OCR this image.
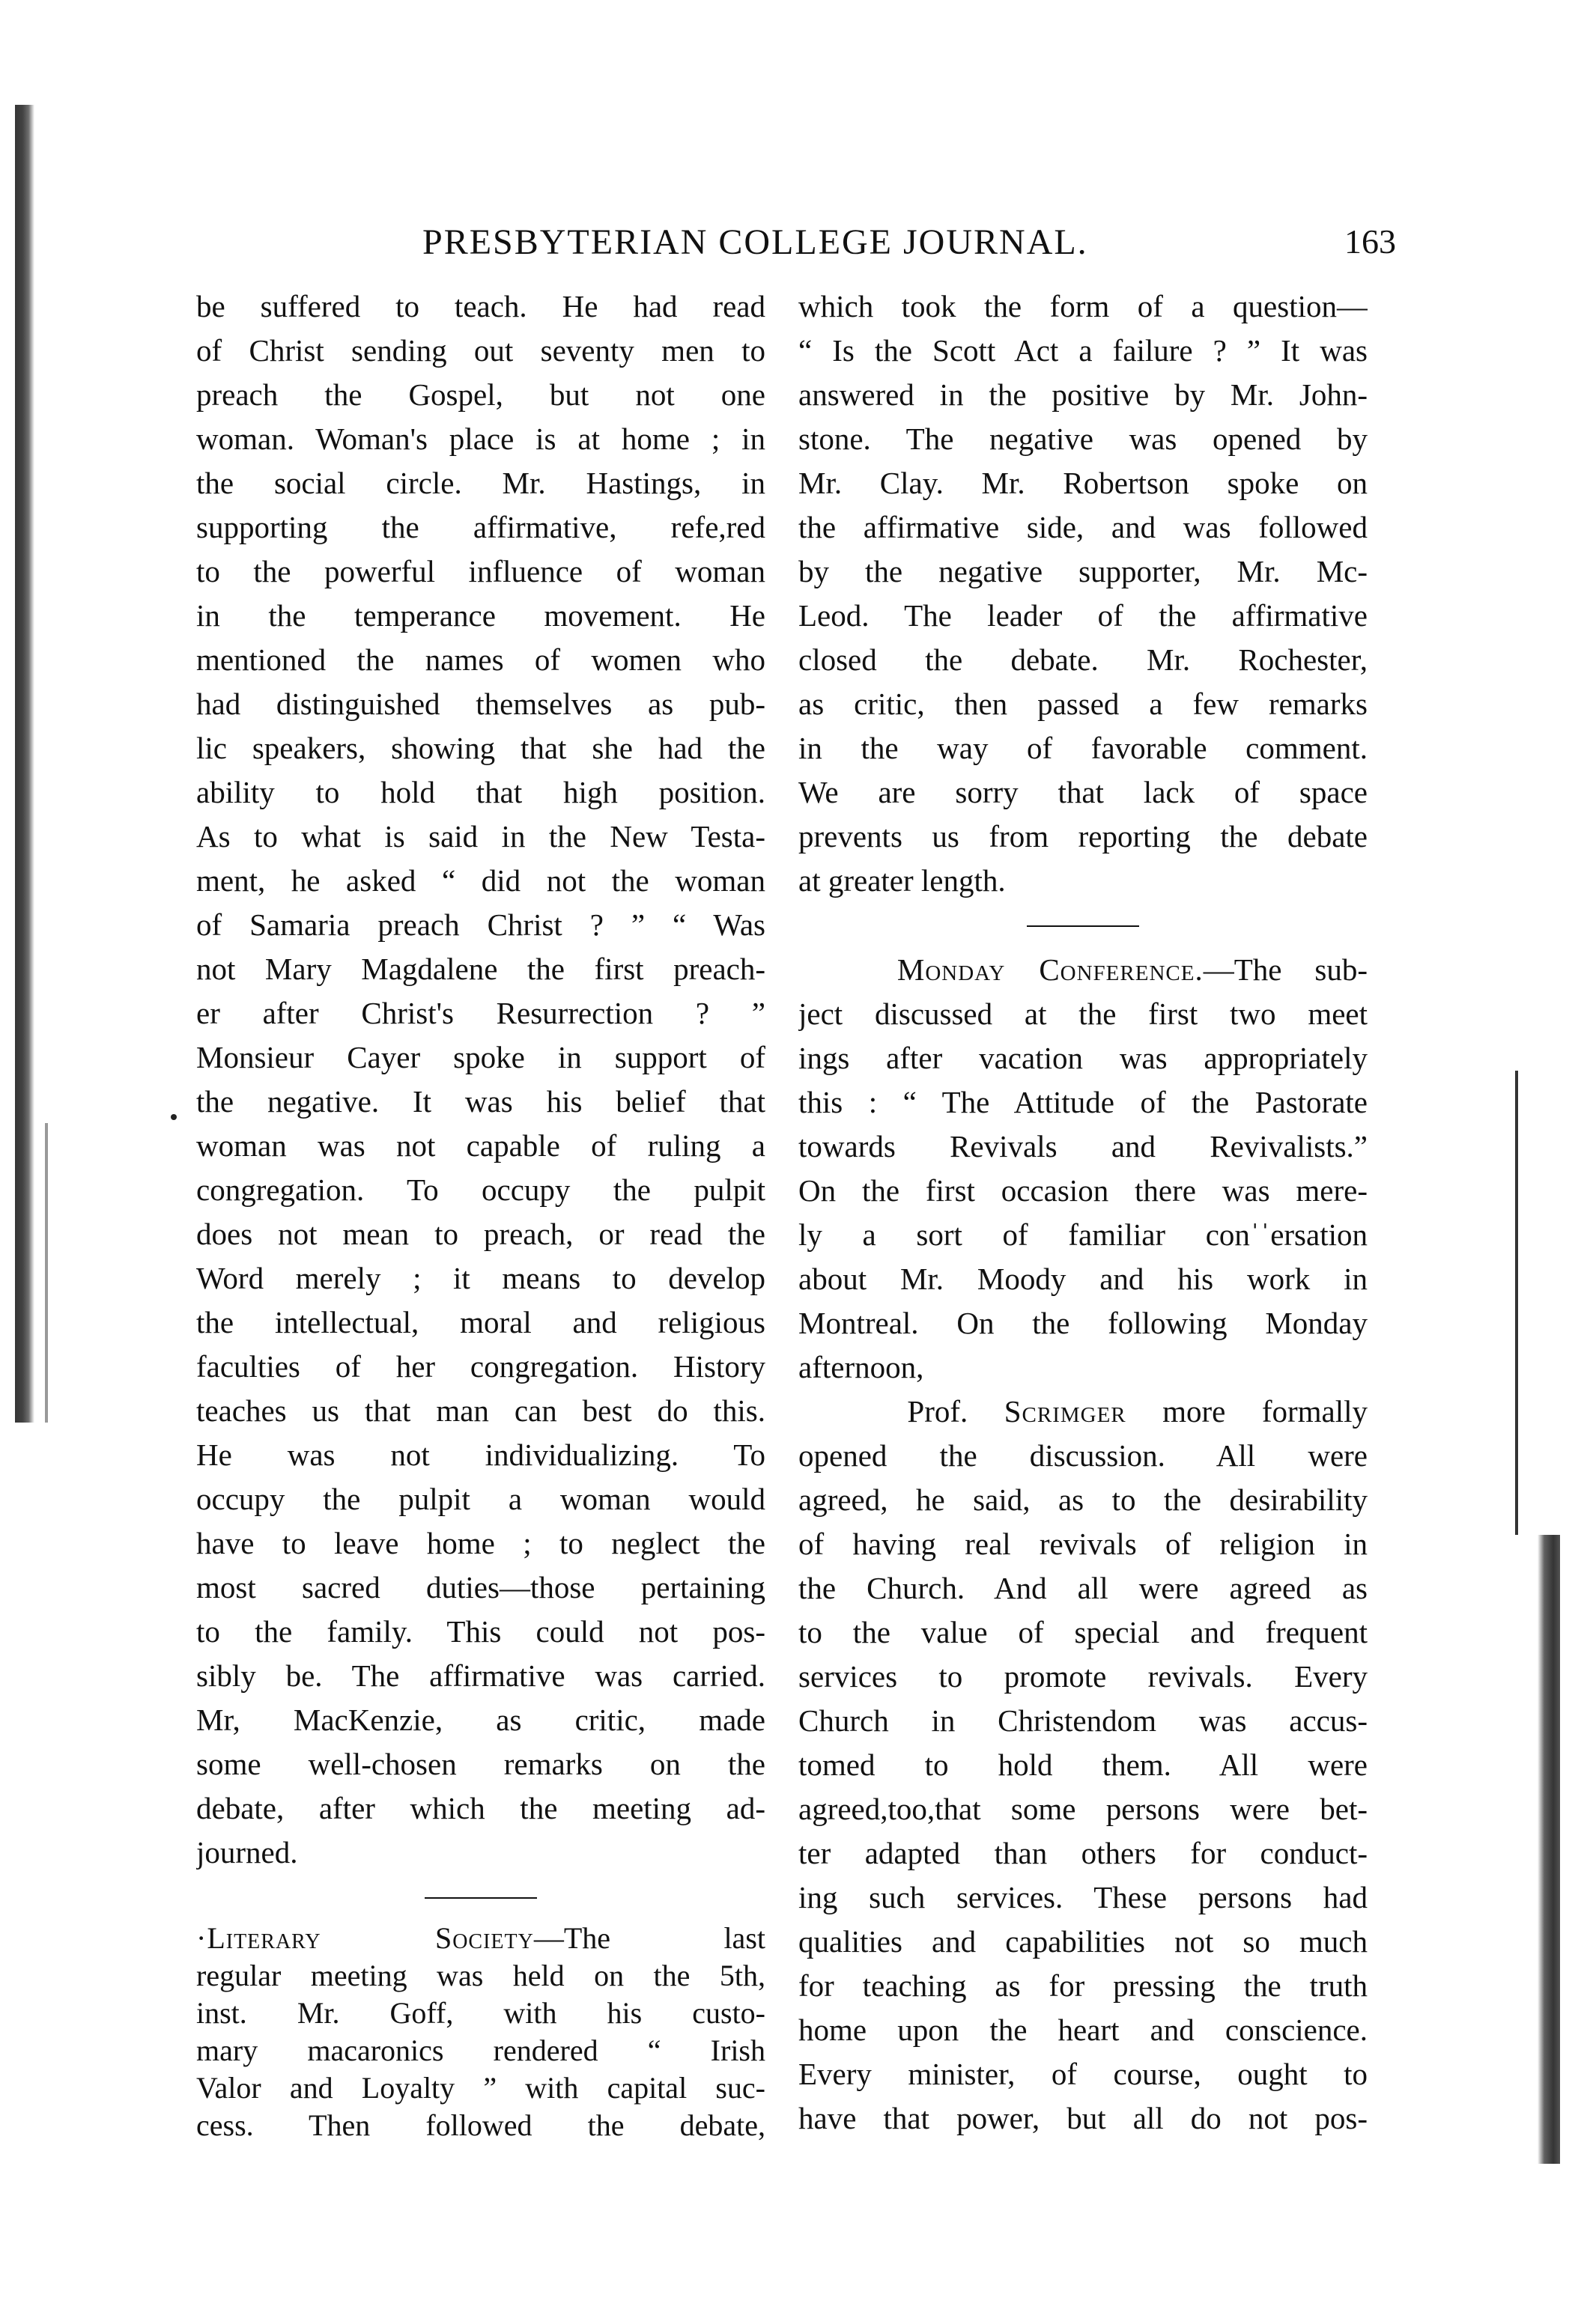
PRESBYTERIAN COLLEGE JOURNAL.	163
be suffered to teach. He had read
of Christ sending out seventy men to
preach the Gospel, but not one
woman. Woman's place is at home ; in
the social circle. Mr. Hastings, in
supporting the affirmative, refe,red
to the powerful influence of woman
in the temperance movement. He
mentioned the names of women who
had distinguished themselves as pub-
lic speakers, showing that she had the
ability to hold that high position.
As to what is said in the New Testa-
ment, he asked “ did not the woman
of Samaria preach Christ ? ” “ Was
not Mary Magdalene the first preach-
er after Christ's Resurrection ? ”
Monsieur Cayer spoke in support of
the negative. It was his belief that
woman was not capable of ruling a
congregation. To occupy the pulpit
does not mean to preach, or read the
Word merely ; it means to develop
the intellectual, moral and religious
faculties of her congregation. History
teaches us that man can best do this.
He was not individualizing. To
occupy the pulpit a woman would
have to leave home ; to neglect the
most sacred duties—those pertaining
to the family. This could not pos-
sibly be. The affirmative was carried.
Mr, MacKenzie, as critic, made
some well-chosen remarks on the
debate, after which the meeting ad-
journed.
·Literary Society—The last
regular meeting was held on the 5th,
inst. Mr. Goff, with his custo-
mary macaronics rendered “ Irish
Valor and Loyalty ” with capital suc-
cess. Then followed the debate,
which took the form of a question—
“ Is the Scott Act a failure ? ” It was
answered in the positive by Mr. John-
stone. The negative was opened by
Mr. Clay. Mr. Robertson spoke on
the affirmative side, and was followed
by the negative supporter, Mr. Mc-
Leod. The leader of the affirmative
closed the debate. Mr. Rochester,
as critic, then passed a few remarks
in the way of favorable comment.
We are sorry that lack of space
prevents us from reporting the debate
at greater length.
Monday Conference.—The sub-
ject discussed at the first two meet
ings after vacation was appropriately
this : “ The Attitude of the Pastorate
towards Revivals and Revivalists.”
On the first occasion there was mere-
ly a sort of familiar conˈˈersation
about Mr. Moody and his work in
Montreal. On the following Monday
afternoon,
Prof. Scrimger more formally
opened the discussion. All were
agreed, he said, as to the desirability
of having real revivals of religion in
the Church. And all were agreed as
to the value of special and frequent
services to promote revivals. Every
Church in Christendom was accus-
tomed to hold them. All were
agreed,too,that some persons were bet-
ter adapted than others for conduct-
ing such services. These persons had
qualities and capabilities not so much
for teaching as for pressing the truth
home upon the heart and conscience.
Every minister, of course, ought to
have that power, but all do not pos-
